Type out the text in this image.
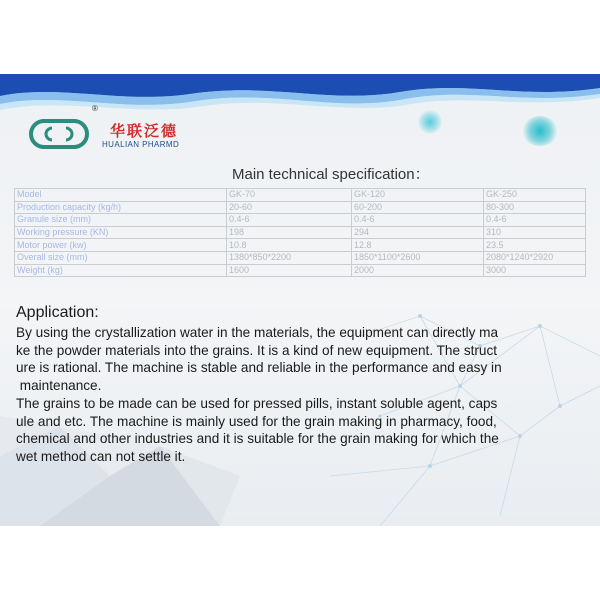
®
华联泛德
HUALIAN PHARMD
Main technical specification：
Model	GK-70	GK-120	GK-250
Production capacity (kg/h)	20-60	60-200	80-300
Granule size (mm)	0.4-6	0.4-6	0.4-6
Working pressure (KN)	198	294	310
Motor power (kw)	10.8	12.8	23.5
Overall size (mm)	1380*850*2200	1850*1100*2600	2080*1240*2920
Weight (kg)	1600	2000	3000
Application:

By using the crystallization water in the materials, the equipment can directly ma

ke the powder materials into the grains. It is a kind of new equipment. The struct

ure is rational. The machine is stable and reliable in the performance and easy in

maintenance.

The grains to be made can be used for pressed pills, instant soluble agent, caps

ule and etc. The machine is mainly used for the grain making in pharmacy, food,

chemical and other industries and it is suitable for the grain making for which the

wet method can not settle it.
